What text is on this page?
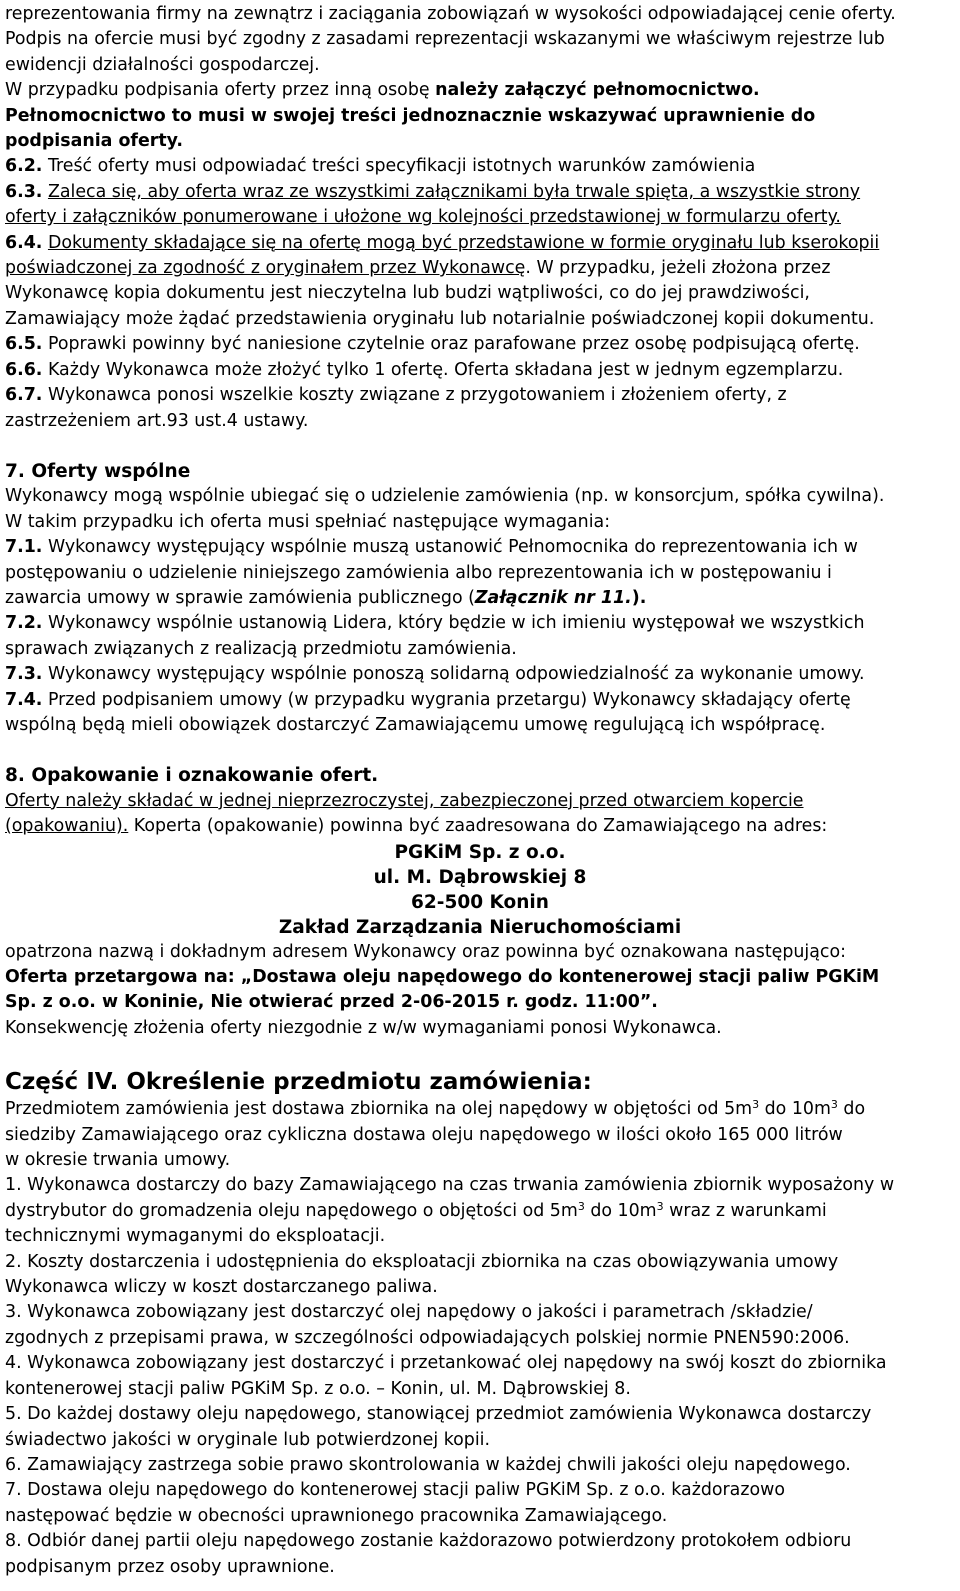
reprezentowania firmy na zewnątrz i zaciągania zobowiązań w wysokości odpowiadającej cenie oferty.

Podpis na ofercie musi być zgodny z zasadami reprezentacji wskazanymi we właściwym rejestrze lub

ewidencji działalności gospodarczej.

W przypadku podpisania oferty przez inną osobę należy załączyć pełnomocnictwo.

Pełnomocnictwo to musi w swojej treści jednoznacznie wskazywać uprawnienie do

podpisania oferty.

6.2. Treść oferty musi odpowiadać treści specyfikacji istotnych warunków zamówienia

6.3. Zaleca się, aby oferta wraz ze wszystkimi załącznikami była trwale spięta, a wszystkie strony

oferty i załączników ponumerowane i ułożone wg kolejności przedstawionej w formularzu oferty.

6.4. Dokumenty składające się na ofertę mogą być przedstawione w formie oryginału lub kserokopii

poświadczonej za zgodność z oryginałem przez Wykonawcę. W przypadku, jeżeli złożona przez

Wykonawcę kopia dokumentu jest nieczytelna lub budzi wątpliwości, co do jej prawdziwości,

Zamawiający może żądać przedstawienia oryginału lub notarialnie poświadczonej kopii dokumentu.

6.5. Poprawki powinny być naniesione czytelnie oraz parafowane przez osobę podpisującą ofertę.

6.6. Każdy Wykonawca może złożyć tylko 1 ofertę. Oferta składana jest w jednym egzemplarzu.

6.7. Wykonawca ponosi wszelkie koszty związane z przygotowaniem i złożeniem oferty, z

zastrzeżeniem art.93 ust.4 ustawy.

7. Oferty wspólne

Wykonawcy mogą wspólnie ubiegać się o udzielenie zamówienia (np. w konsorcjum, spółka cywilna).

W takim przypadku ich oferta musi spełniać następujące wymagania:

7.1. Wykonawcy występujący wspólnie muszą ustanowić Pełnomocnika do reprezentowania ich w

postępowaniu o udzielenie niniejszego zamówienia albo reprezentowania ich w postępowaniu i

zawarcia umowy w sprawie zamówienia publicznego (Załącznik nr 11.).

7.2. Wykonawcy wspólnie ustanowią Lidera, który będzie w ich imieniu występował we wszystkich

sprawach związanych z realizacją przedmiotu zamówienia.

7.3. Wykonawcy występujący wspólnie ponoszą solidarną odpowiedzialność za wykonanie umowy.

7.4. Przed podpisaniem umowy (w przypadku wygrania przetargu) Wykonawcy składający ofertę

wspólną będą mieli obowiązek dostarczyć Zamawiającemu umowę regulującą ich współpracę.

8. Opakowanie i oznakowanie ofert.

Oferty należy składać w jednej nieprzezroczystej, zabezpieczonej przed otwarciem kopercie

(opakowaniu). Koperta (opakowanie) powinna być zaadresowana do Zamawiającego na adres:

PGKiM Sp. z o.o.

ul. M. Dąbrowskiej 8

62-500 Konin

Zakład Zarządzania Nieruchomościami

opatrzona nazwą i dokładnym adresem Wykonawcy oraz powinna być oznakowana następująco:

Oferta przetargowa na: „Dostawa oleju napędowego do kontenerowej stacji paliw PGKiM

Sp. z o.o. w Koninie, Nie otwierać przed 2-06-2015 r. godz. 11:00”.

Konsekwencję złożenia oferty niezgodnie z w/w wymaganiami ponosi Wykonawca.

Część IV. Określenie przedmiotu zamówienia:

Przedmiotem zamówienia jest dostawa zbiornika na olej napędowy w objętości od $5m^3$ do $10m^3$ do

siedziby Zamawiającego oraz cykliczna dostawa oleju napędowego w ilości około 165 000 litrów

w okresie trwania umowy.

1. Wykonawca dostarczy do bazy Zamawiającego na czas trwania zamówienia zbiornik wyposażony w

dystrybutor do gromadzenia oleju napędowego o objętości od $5m^3$ do $10m^3$ wraz z warunkami

technicznymi wymaganymi do eksploatacji.

2. Koszty dostarczenia i udostępnienia do eksploatacji zbiornika na czas obowiązywania umowy

Wykonawca wliczy w koszt dostarczanego paliwa.

3. Wykonawca zobowiązany jest dostarczyć olej napędowy o jakości i parametrach /składzie/

zgodnych z przepisami prawa, w szczególności odpowiadających polskiej normie PNEN590:2006.

4. Wykonawca zobowiązany jest dostarczyć i przetankować olej napędowy na swój koszt do zbiornika

kontenerowej stacji paliw PGKiM Sp. z o.o. – Konin, ul. M. Dąbrowskiej 8.

5. Do każdej dostawy oleju napędowego, stanowiącej przedmiot zamówienia Wykonawca dostarczy

świadectwo jakości w oryginale lub potwierdzonej kopii.

6. Zamawiający zastrzega sobie prawo skontrolowania w każdej chwili jakości oleju napędowego.

7. Dostawa oleju napędowego do kontenerowej stacji paliw PGKiM Sp. z o.o. każdorazowo

następować będzie w obecności uprawnionego pracownika Zamawiającego.

8. Odbiór danej partii oleju napędowego zostanie każdorazowo potwierdzony protokołem odbioru

podpisanym przez osoby uprawnione.
